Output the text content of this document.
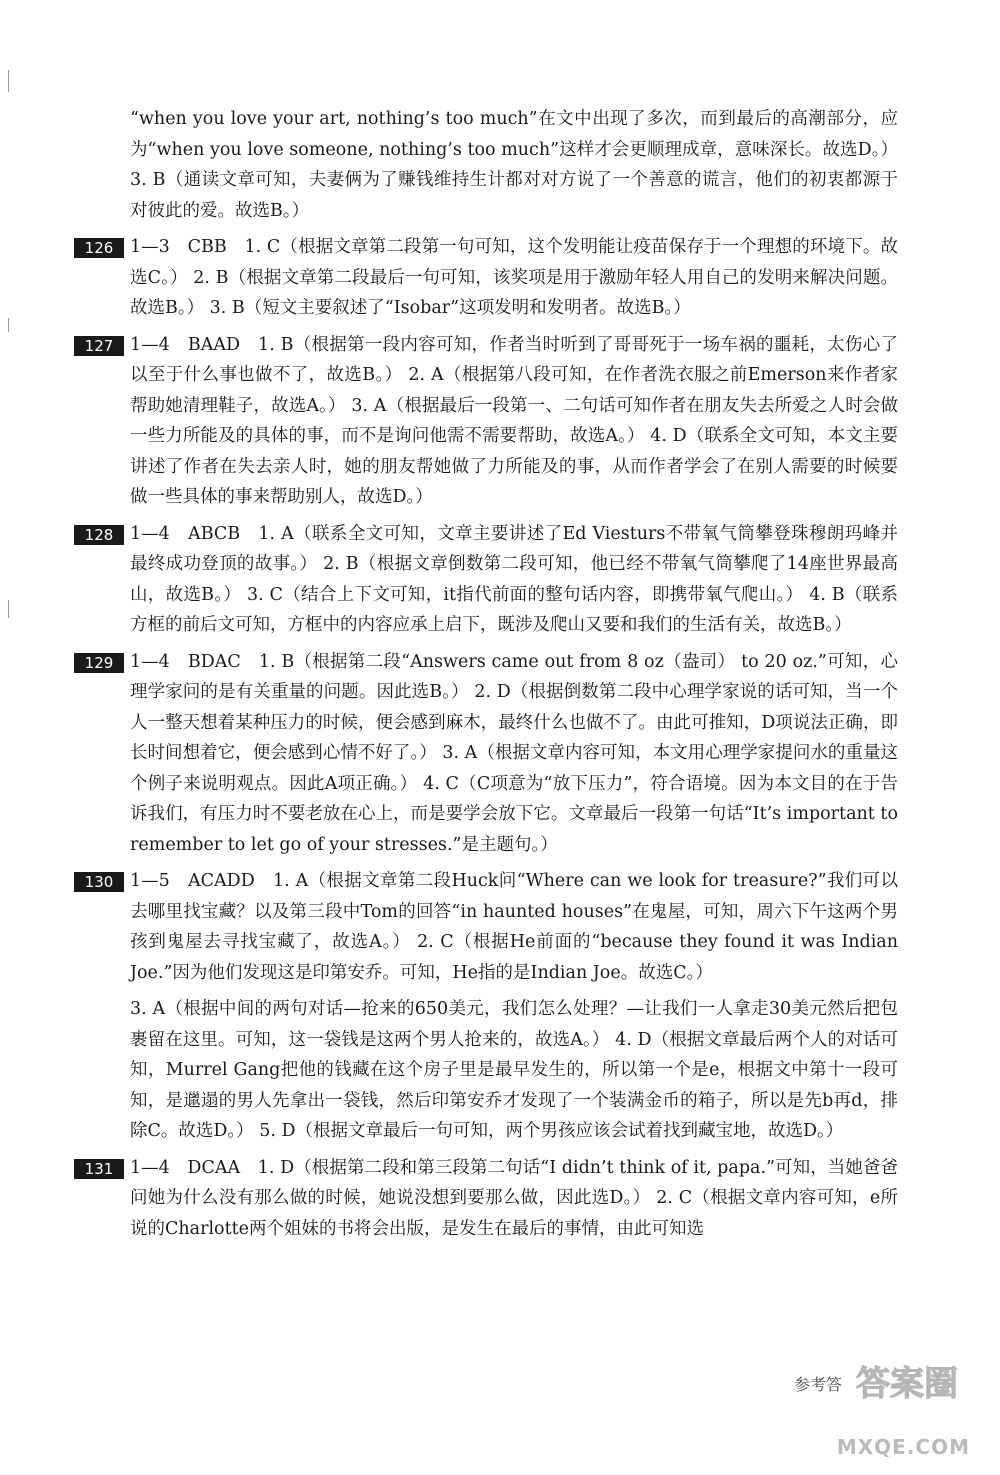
“when you love your art, nothing’s too much”在文中出现了多次，而到最后的高潮部分，应为“when you love someone, nothing’s too much”这样才会更顺理成章，意味深长。故选D。） 3. B（通读文章可知，夫妻俩为了赚钱维持生计都对对方说了一个善意的谎言，他们的初衷都源于对彼此的爱。故选B。）

126 1—3　CBB　1. C（根据文章第二段第一句可知，这个发明能让疫苗保存于一个理想的环境下。故选C。） 2. B（根据文章第二段最后一句可知，该奖项是用于激励年轻人用自己的发明来解决问题。故选B。） 3. B（短文主要叙述了“Isobar”这项发明和发明者。故选B。）

127 1—4　BAAD　1. B（根据第一段内容可知，作者当时听到了哥哥死于一场车祸的噩耗，太伤心了以至于什么事也做不了，故选B。） 2. A（根据第八段可知，在作者洗衣服之前Emerson来作者家帮助她清理鞋子，故选A。） 3. A（根据最后一段第一、二句话可知作者在朋友失去所爱之人时会做一些力所能及的具体的事，而不是询问他需不需要帮助，故选A。） 4. D（联系全文可知，本文主要讲述了作者在失去亲人时，她的朋友帮她做了力所能及的事，从而作者学会了在别人需要的时候要做一些具体的事来帮助别人，故选D。）

128 1—4　ABCB　1. A（联系全文可知，文章主要讲述了Ed Viesturs不带氧气筒攀登珠穆朗玛峰并最终成功登顶的故事。） 2. B（根据文章倒数第二段可知，他已经不带氧气筒攀爬了14座世界最高山，故选B。） 3. C（结合上下文可知，it指代前面的整句话内容，即携带氧气爬山。） 4. B（联系方框的前后文可知，方框中的内容应承上启下，既涉及爬山又要和我们的生活有关，故选B。）

129 1—4　BDAC　1. B（根据第二段“Answers came out from 8 oz（盎司） to 20 oz.”可知，心理学家问的是有关重量的问题。因此选B。） 2. D（根据倒数第二段中心理学家说的话可知，当一个人一整天想着某种压力的时候，便会感到麻木，最终什么也做不了。由此可推知，D项说法正确，即长时间想着它，便会感到心情不好了。） 3. A（根据文章内容可知，本文用心理学家提问水的重量这个例子来说明观点。因此A项正确。） 4. C（C项意为“放下压力”，符合语境。因为本文目的在于告诉我们，有压力时不要老放在心上，而是要学会放下它。文章最后一段第一句话“It’s important to remember to let go of your stresses.”是主题句。）

130 1—5　ACADD　1. A（根据文章第二段Huck问“Where can we look for treasure?”我们可以去哪里找宝藏？以及第三段中Tom的回答“in haunted houses”在鬼屋，可知，周六下午这两个男孩到鬼屋去寻找宝藏了，故选A。） 2. C（根据He前面的“because they found it was Indian Joe.”因为他们发现这是印第安乔。可知，He指的是Indian Joe。故选C。）

3. A（根据中间的两句对话—抢来的650美元，我们怎么处理？—让我们一人拿走30美元然后把包裹留在这里。可知，这一袋钱是这两个男人抢来的，故选A。） 4. D（根据文章最后两个人的对话可知，Murrel Gang把他的钱藏在这个房子里是最早发生的，所以第一个是e，根据文中第十一段可知，是邋遢的男人先拿出一袋钱，然后印第安乔才发现了一个装满金币的箱子，所以是先b再d，排除C。故选D。） 5. D（根据文章最后一句可知，两个男孩应该会试着找到藏宝地，故选D。）

131 1—4　DCAA　1. D（根据第二段和第三段第二句话“I didn’t think of it, papa.”可知，当她爸爸问她为什么没有那么做的时候，她说没想到要那么做，因此选D。） 2. C（根据文章内容可知，e所说的Charlotte两个姐妹的书将会出版，是发生在最后的事情，由此可知选

参考答 答案圈
MXQE.COM
